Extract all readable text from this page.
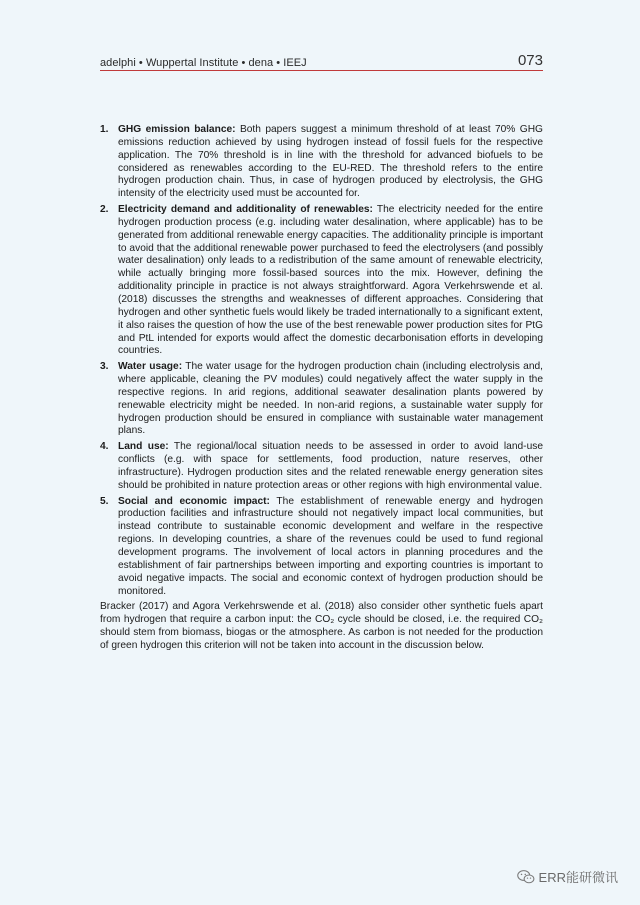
adelphi • Wuppertal Institute • dena • IEEJ	073
1. GHG emission balance: Both papers suggest a minimum threshold of at least 70% GHG emissions reduction achieved by using hydrogen instead of fossil fuels for the respective application. The 70% threshold is in line with the threshold for advanced biofuels to be considered as renewables according to the EU-RED. The threshold refers to the entire hydrogen production chain. Thus, in case of hydrogen produced by electrolysis, the GHG intensity of the electricity used must be accounted for.
2. Electricity demand and additionality of renewables: The electricity needed for the entire hydrogen production process (e.g. including water desalination, where applicable) has to be generated from additional renewable energy capacities. The additionality principle is important to avoid that the additional renewable power purchased to feed the electrolysers (and possibly water desalination) only leads to a redistribution of the same amount of renewable electricity, while actually bringing more fossil-based sources into the mix. However, defining the additionality principle in practice is not always straightforward. Agora Verkehrswende et al. (2018) discusses the strengths and weaknesses of different approaches. Considering that hydrogen and other synthetic fuels would likely be traded internationally to a significant extent, it also raises the question of how the use of the best renewable power production sites for PtG and PtL intended for exports would affect the domestic decarbonisation efforts in developing countries.
3. Water usage: The water usage for the hydrogen production chain (including electrolysis and, where applicable, cleaning the PV modules) could negatively affect the water supply in the respective regions. In arid regions, additional seawater desalination plants powered by renewable electricity might be needed. In non-arid regions, a sustainable water supply for hydrogen production should be ensured in compliance with sustainable water management plans.
4. Land use: The regional/local situation needs to be assessed in order to avoid land-use conflicts (e.g. with space for settlements, food production, nature reserves, other infrastructure). Hydrogen production sites and the related renewable energy generation sites should be prohibited in nature protection areas or other regions with high environmental value.
5. Social and economic impact: The establishment of renewable energy and hydrogen production facilities and infrastructure should not negatively impact local communities, but instead contribute to sustainable economic development and welfare in the respective regions. In developing countries, a share of the revenues could be used to fund regional development programs. The involvement of local actors in planning procedures and the establishment of fair partnerships between importing and exporting countries is important to avoid negative impacts. The social and economic context of hydrogen production should be monitored.

Bracker (2017) and Agora Verkehrswende et al. (2018) also consider other synthetic fuels apart from hydrogen that require a carbon input: the CO₂ cycle should be closed, i.e. the required CO₂ should stem from biomass, biogas or the atmosphere. As carbon is not needed for the production of green hydrogen this criterion will not be taken into account in the discussion below.

ERR能研微讯
